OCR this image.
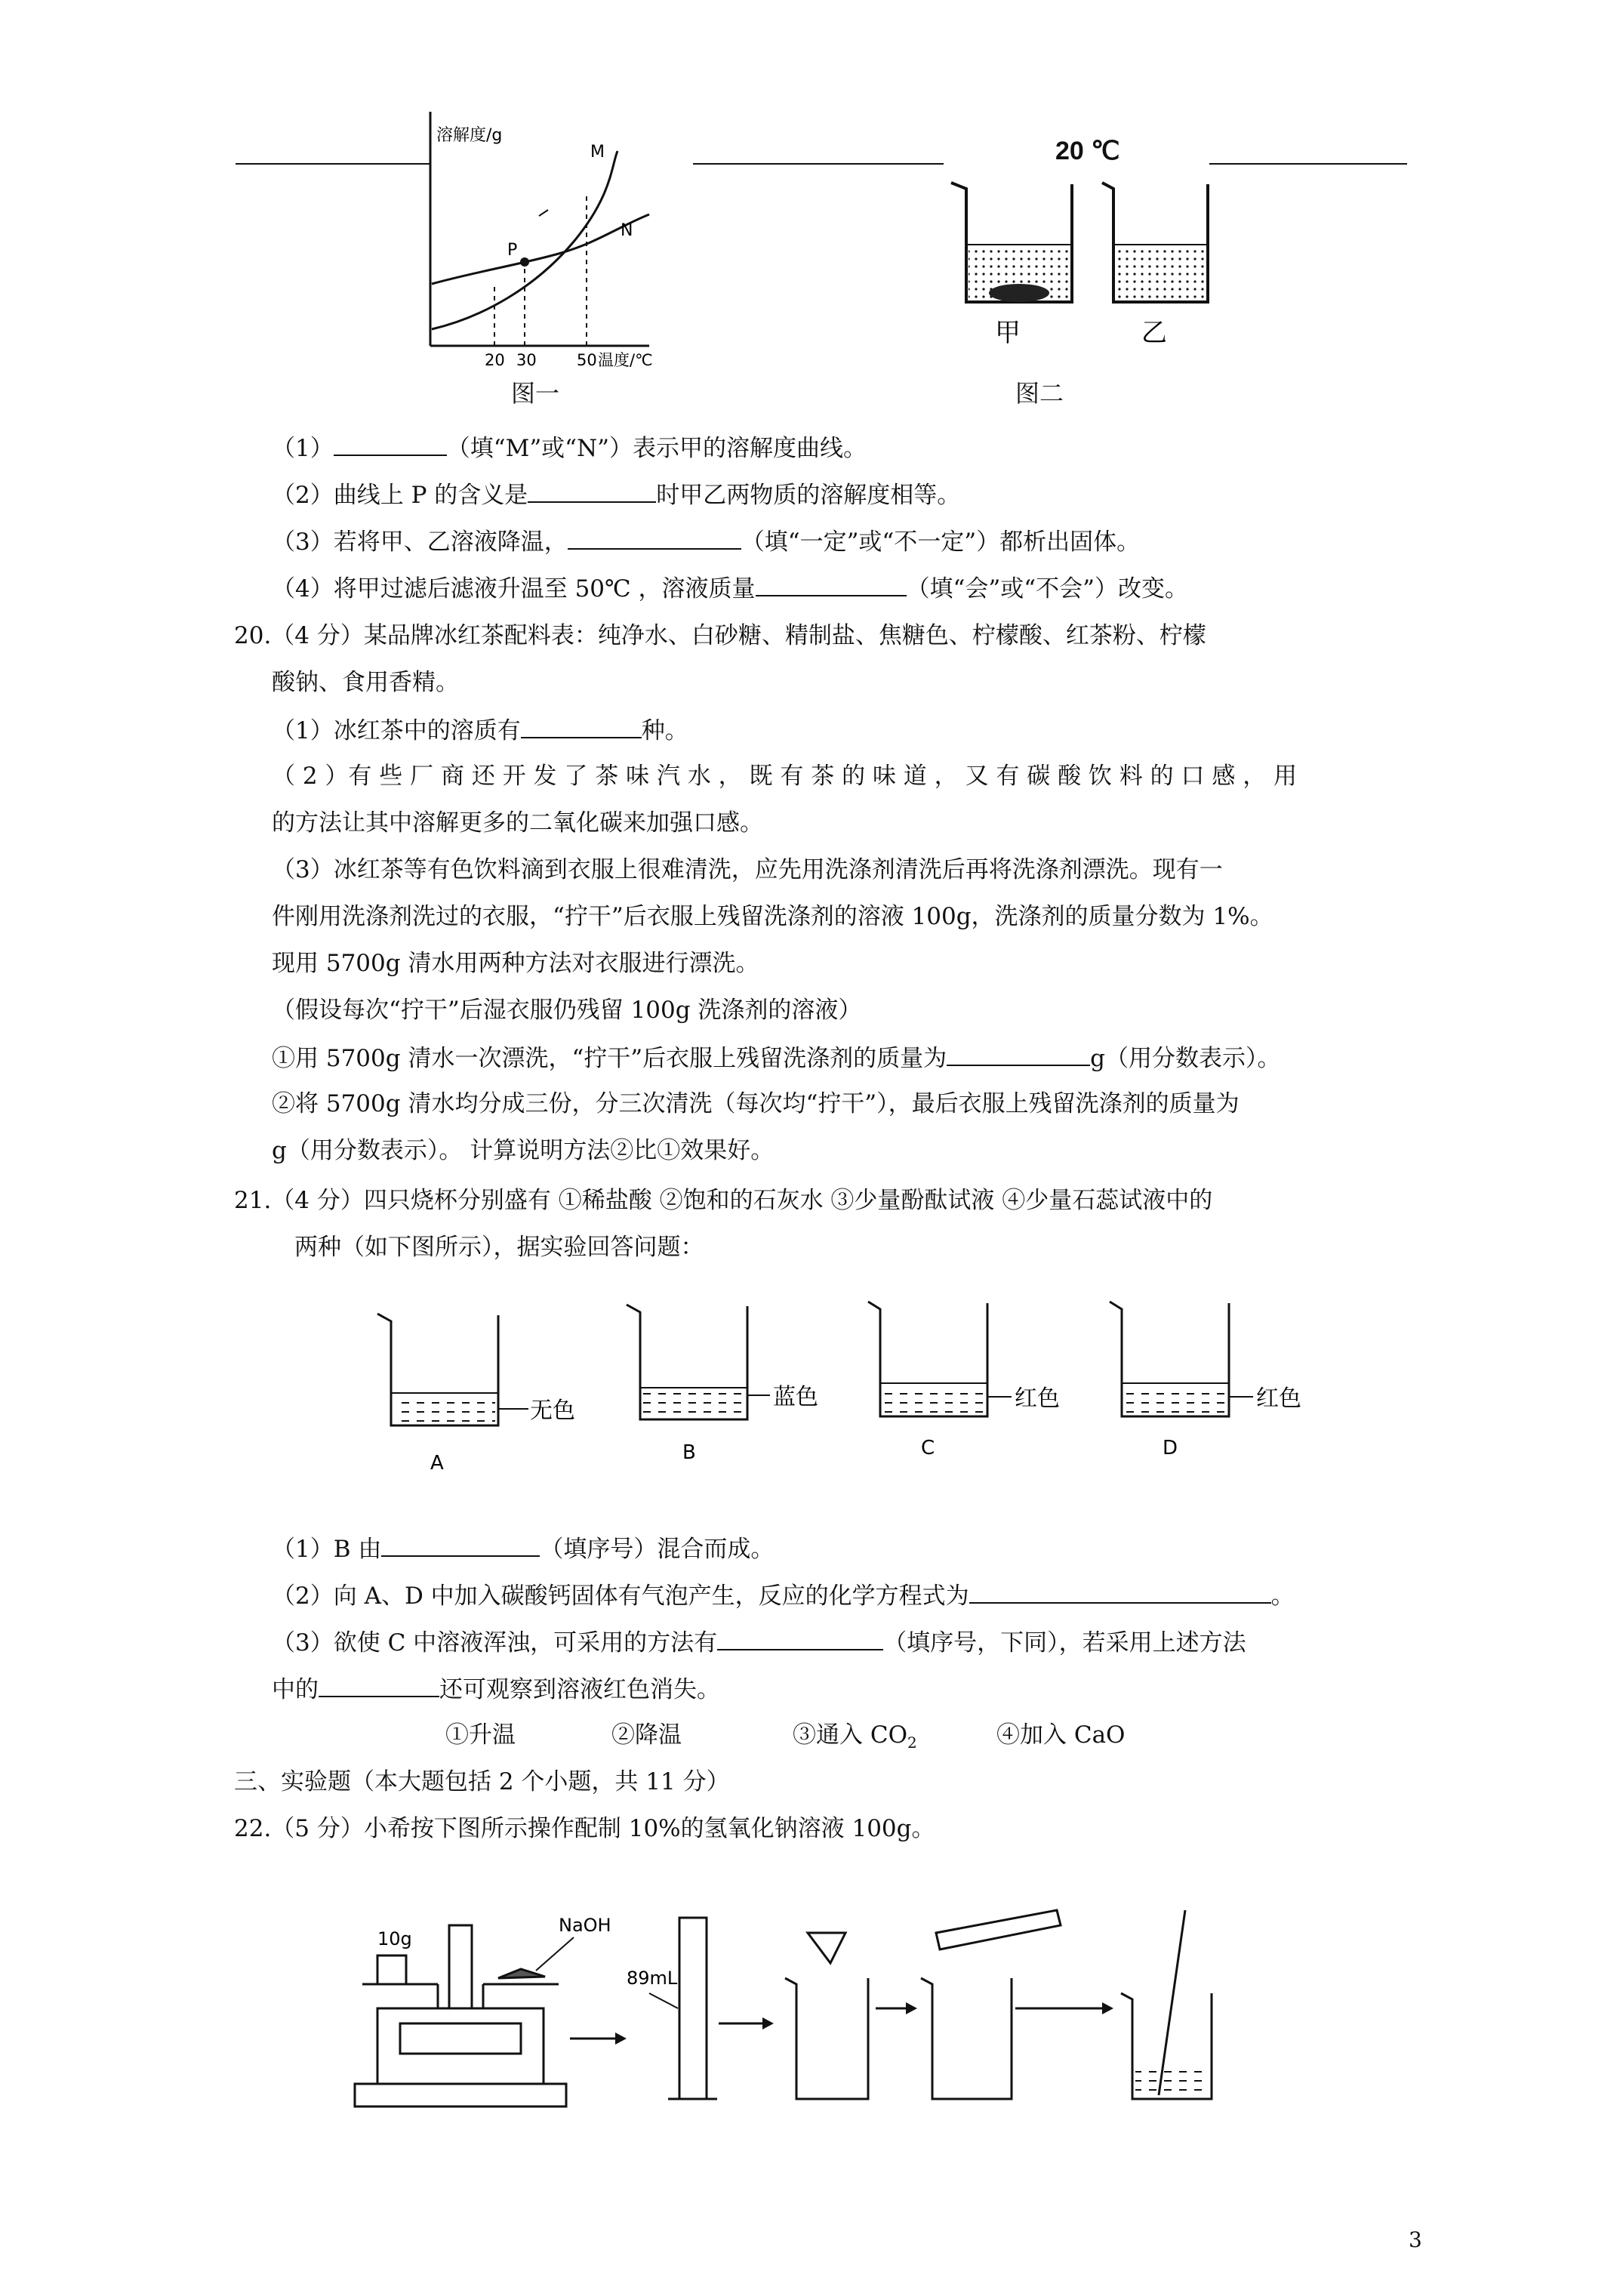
溶解度/g
M
N
P
20 30	50 温度/℃
图一
20 ℃
甲	乙
图二
（1）	（填“M”或“N”）表示甲的溶解度曲线。
（2）曲线上 P 的含义是	时甲乙两物质的溶解度相等。
（3）若将甲、乙溶液降温，	（填“一定”或“不一定”）都析出固体。
（4）将甲过滤后滤液升温至 50℃ ，溶液质量	（填“会”或“不会”）改变。
20.（4 分）某品牌冰红茶配料表：纯净水、白砂糖、精制盐、焦糖色、柠檬酸、红茶粉、柠檬
酸钠、食用香精。
（1）冰红茶中的溶质有	种。
（ 2 ）有 些 厂 商 还 开 发 了 茶 味 汽 水 ， 既 有 茶 的 味 道 ， 又 有 碳 酸 饮 料 的 口 感 ， 用
的方法让其中溶解更多的二氧化碳来加强口感。
（3）冰红茶等有色饮料滴到衣服上很难清洗，应先用洗涤剂清洗后再将洗涤剂漂洗。现有一
件刚用洗涤剂洗过的衣服，“拧干”后衣服上残留洗涤剂的溶液 100g，洗涤剂的质量分数为 1%。
现用 5700g 清水用两种方法对衣服进行漂洗。
（假设每次“拧干”后湿衣服仍残留 100g 洗涤剂的溶液）
①用 5700g 清水一次漂洗，“拧干”后衣服上残留洗涤剂的质量为	g（用分数表示）。
②将 5700g 清水均分成三份，分三次清洗（每次均“拧干”），最后衣服上残留洗涤剂的质量为
g（用分数表示）。 计算说明方法②比①效果好。
21.（4 分）四只烧杯分别盛有 ①稀盐酸 ②饱和的石灰水 ③少量酚酞试液 ④少量石蕊试液中的
两种（如下图所示），据实验回答问题：
无色
蓝色	红色	红色
A	B	C	D
（1）B 由	（填序号）混合而成。
（2）向 A、D 中加入碳酸钙固体有气泡产生，反应的化学方程式为	。
（3）欲使 C 中溶液浑浊，可采用的方法有	（填序号，下同），若采用上述方法
中的	还可观察到溶液红色消失。
①升温	②降温	③通入 $CO_2$	④加入 CaO
三、实验题（本大题包括 2 个小题，共 11 分）
22.（5 分）小希按下图所示操作配制 10%的氢氧化钠溶液 100g。
10g
NaOH
89mL
3
